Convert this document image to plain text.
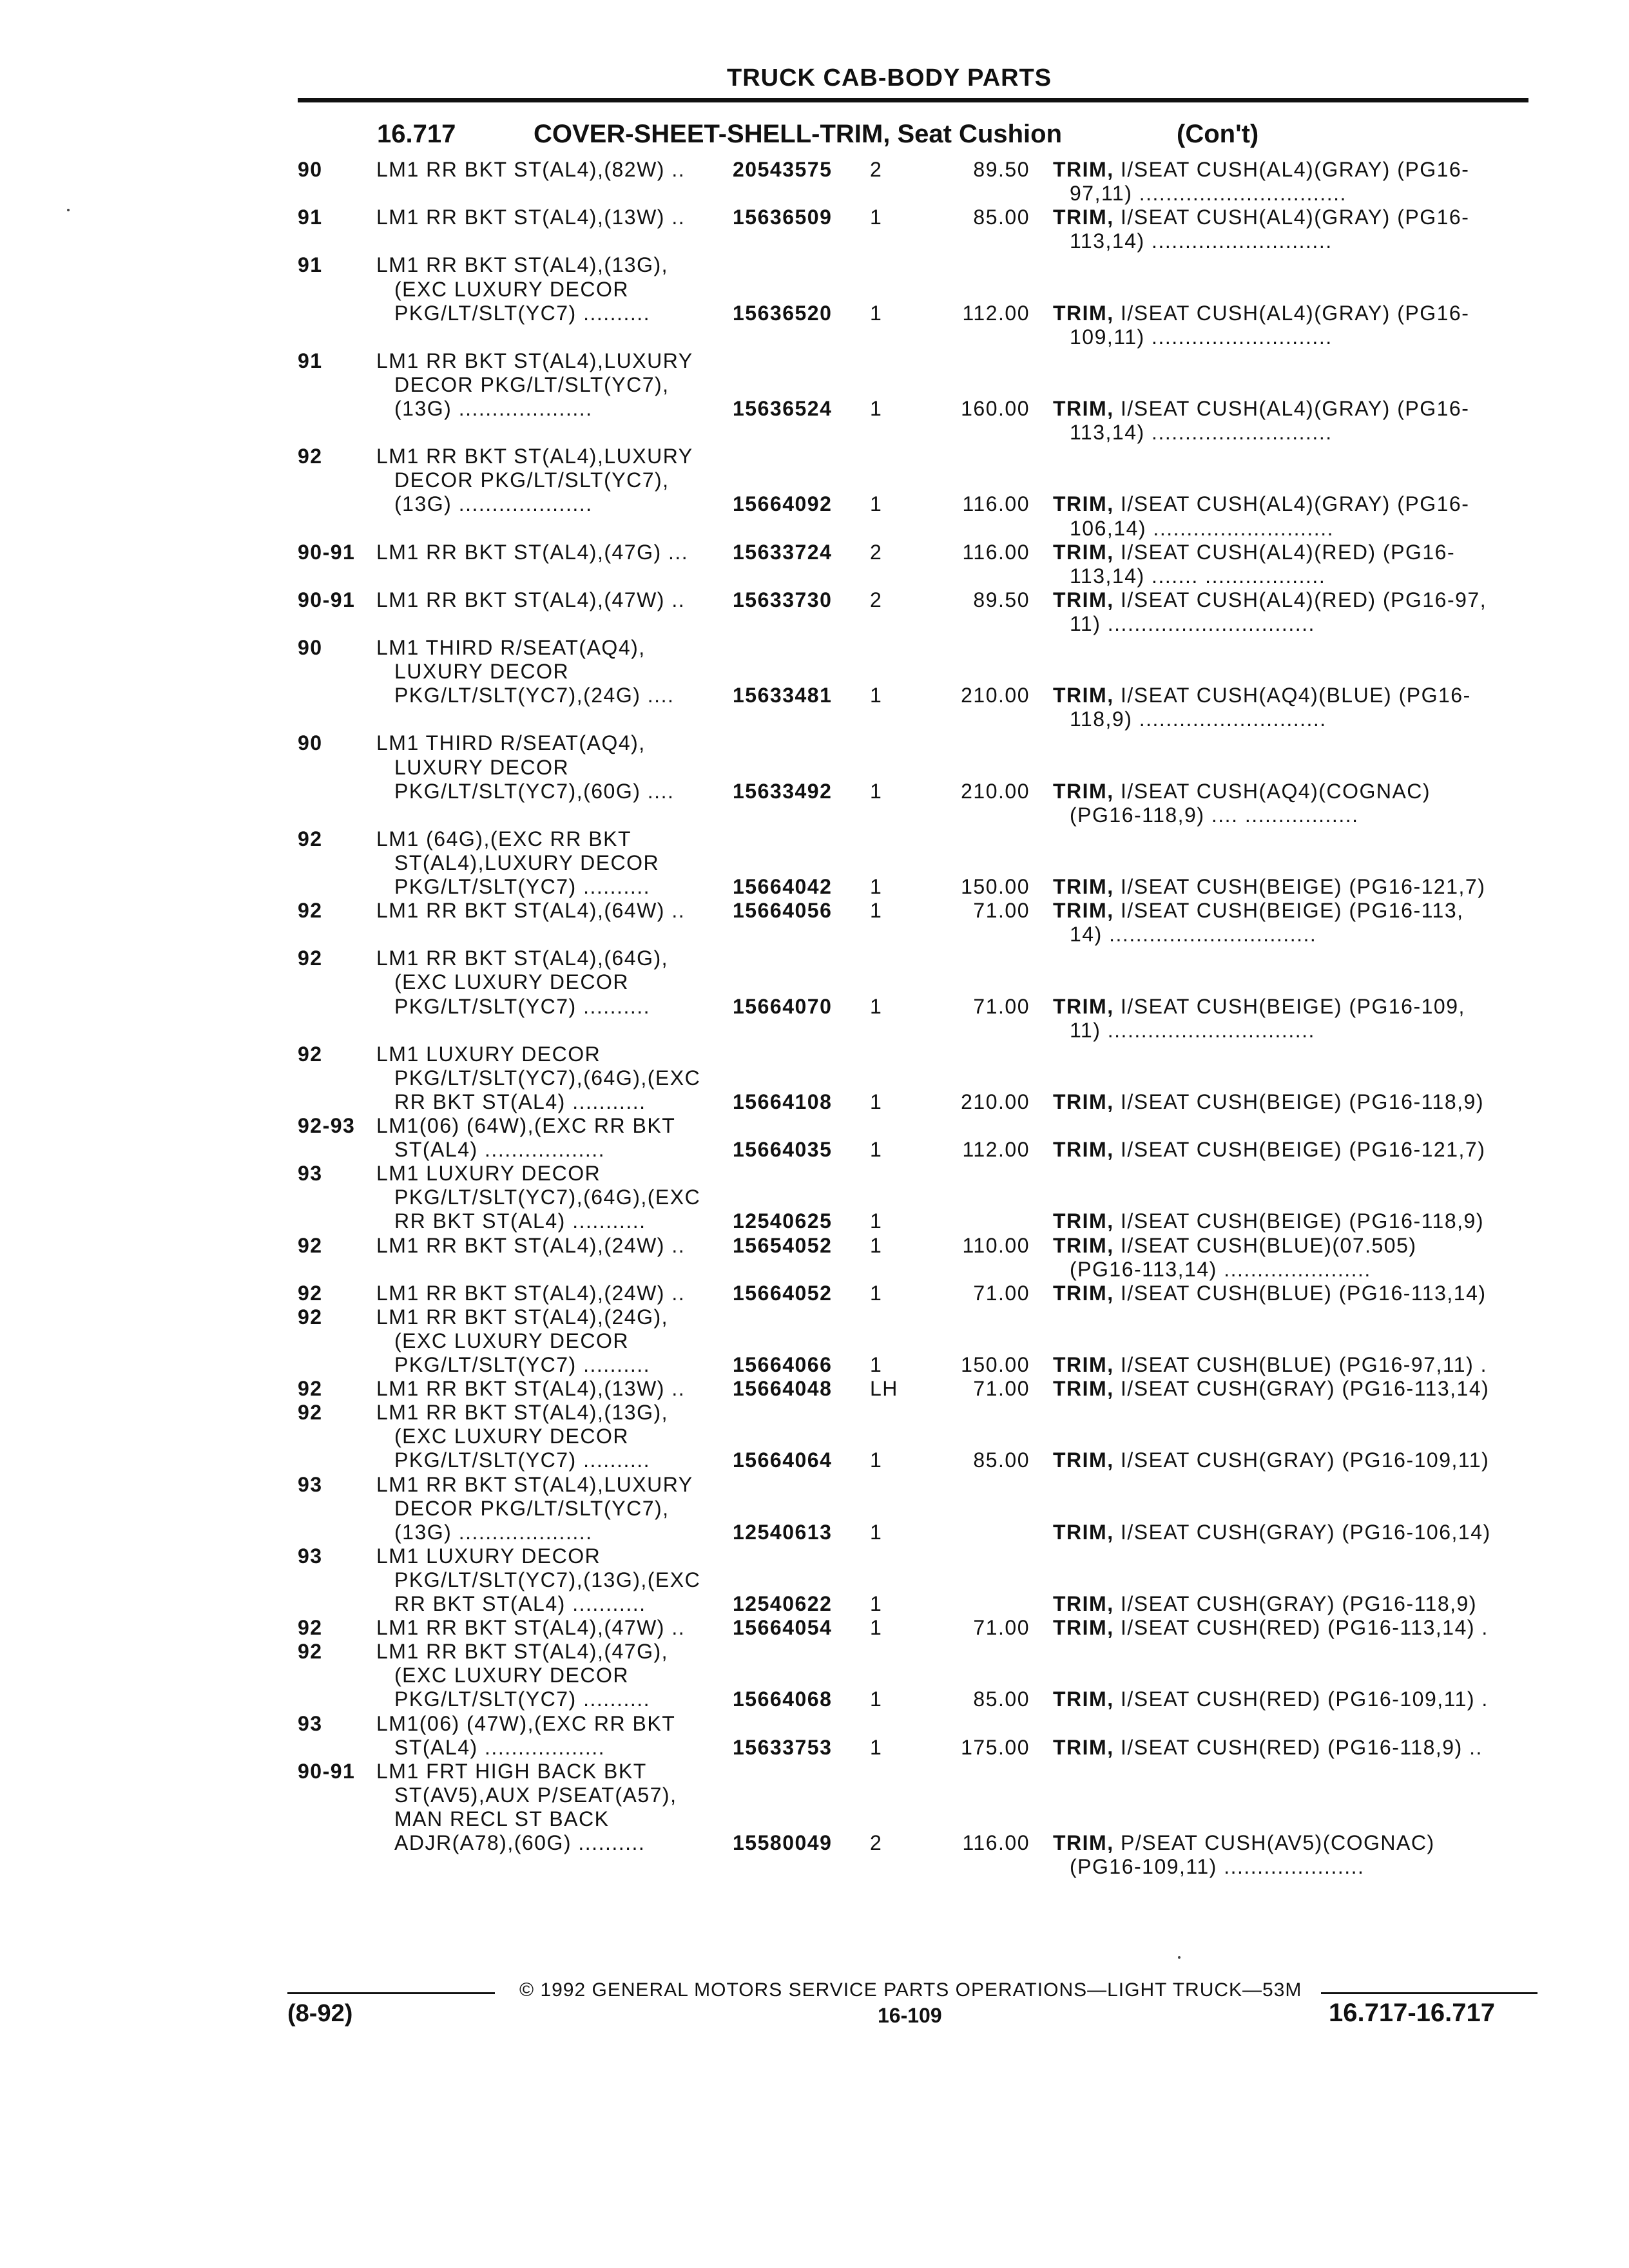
TRUCK CAB-BODY PARTS
16.717	COVER-SHEET-SHELL-TRIM, Seat Cushion	(Con't)
90	LM1 RR BKT ST(AL4),(82W) .. 20543575 2	89.50 TRIM, I/SEAT CUSH(AL4)(GRAY) (PG16-
97,11) ...............................
91	LM1 RR BKT ST(AL4),(13W) .. 15636509 1	85.00 TRIM, I/SEAT CUSH(AL4)(GRAY) (PG16-
113,14) ...........................
91	LM1 RR BKT ST(AL4),(13G),
(EXC LUXURY DECOR
PKG/LT/SLT(YC7) ..........	15636520 1	112.00 TRIM, I/SEAT CUSH(AL4)(GRAY) (PG16-
109,11) ...........................
91	LM1 RR BKT ST(AL4),LUXURY
DECOR PKG/LT/SLT(YC7),
(13G) ....................	15636524 1	160.00 TRIM, I/SEAT CUSH(AL4)(GRAY) (PG16-
113,14) ...........................
92	LM1 RR BKT ST(AL4),LUXURY
DECOR PKG/LT/SLT(YC7),
(13G) ....................	15664092 1	116.00 TRIM, I/SEAT CUSH(AL4)(GRAY) (PG16-
106,14) ...........................
90-91 LM1 RR BKT ST(AL4),(47G) ... 15633724 2	116.00 TRIM, I/SEAT CUSH(AL4)(RED) (PG16-
113,14) ....... ..................
90-91 LM1 RR BKT ST(AL4),(47W) .. 15633730 2	89.50 TRIM, I/SEAT CUSH(AL4)(RED) (PG16-97,
11) ...............................
90	LM1 THIRD R/SEAT(AQ4),
LUXURY DECOR
PKG/LT/SLT(YC7),(24G) ....	15633481 1	210.00 TRIM, I/SEAT CUSH(AQ4)(BLUE) (PG16-
118,9) ............................
90	LM1 THIRD R/SEAT(AQ4),
LUXURY DECOR
PKG/LT/SLT(YC7),(60G) ....	15633492 1	210.00 TRIM, I/SEAT CUSH(AQ4)(COGNAC)
(PG16-118,9) .... .................
92	LM1 (64G),(EXC RR BKT
ST(AL4),LUXURY DECOR
PKG/LT/SLT(YC7) ..........	15664042 1	150.00 TRIM, I/SEAT CUSH(BEIGE) (PG16-121,7)
92	LM1 RR BKT ST(AL4),(64W) .. 15664056 1	71.00 TRIM, I/SEAT CUSH(BEIGE) (PG16-113,
14) ...............................
92	LM1 RR BKT ST(AL4),(64G),
(EXC LUXURY DECOR
PKG/LT/SLT(YC7) ..........	15664070 1	71.00 TRIM, I/SEAT CUSH(BEIGE) (PG16-109,
11) ...............................
92	LM1 LUXURY DECOR
PKG/LT/SLT(YC7),(64G),(EXC
RR BKT ST(AL4) ...........	15664108 1	210.00 TRIM, I/SEAT CUSH(BEIGE) (PG16-118,9)
92-93 LM1(06) (64W),(EXC RR BKT
ST(AL4) ..................	15664035 1	112.00 TRIM, I/SEAT CUSH(BEIGE) (PG16-121,7)
93	LM1 LUXURY DECOR
PKG/LT/SLT(YC7),(64G),(EXC
RR BKT ST(AL4) ...........	12540625 1	TRIM, I/SEAT CUSH(BEIGE) (PG16-118,9)
92	LM1 RR BKT ST(AL4),(24W) .. 15654052 1	110.00 TRIM, I/SEAT CUSH(BLUE)(07.505)
(PG16-113,14) ......................
92	LM1 RR BKT ST(AL4),(24W) .. 15664052 1	71.00 TRIM, I/SEAT CUSH(BLUE) (PG16-113,14)
92	LM1 RR BKT ST(AL4),(24G),
(EXC LUXURY DECOR
PKG/LT/SLT(YC7) ..........	15664066 1	150.00 TRIM, I/SEAT CUSH(BLUE) (PG16-97,11) .
92	LM1 RR BKT ST(AL4),(13W) .. 15664048 LH	71.00 TRIM, I/SEAT CUSH(GRAY) (PG16-113,14)
92	LM1 RR BKT ST(AL4),(13G),
(EXC LUXURY DECOR
PKG/LT/SLT(YC7) ..........	15664064 1	85.00 TRIM, I/SEAT CUSH(GRAY) (PG16-109,11)
93	LM1 RR BKT ST(AL4),LUXURY
DECOR PKG/LT/SLT(YC7),
(13G) ....................	12540613 1	TRIM, I/SEAT CUSH(GRAY) (PG16-106,14)
93	LM1 LUXURY DECOR
PKG/LT/SLT(YC7),(13G),(EXC
RR BKT ST(AL4) ...........	12540622 1	TRIM, I/SEAT CUSH(GRAY) (PG16-118,9)
92	LM1 RR BKT ST(AL4),(47W) .. 15664054 1	71.00 TRIM, I/SEAT CUSH(RED) (PG16-113,14) .
92	LM1 RR BKT ST(AL4),(47G),
(EXC LUXURY DECOR
PKG/LT/SLT(YC7) ..........	15664068 1	85.00 TRIM, I/SEAT CUSH(RED) (PG16-109,11) .
93	LM1(06) (47W),(EXC RR BKT
ST(AL4) ..................	15633753 1	175.00 TRIM, I/SEAT CUSH(RED) (PG16-118,9) ..
90-91 LM1 FRT HIGH BACK BKT
ST(AV5),AUX P/SEAT(A57),
MAN RECL ST BACK
ADJR(A78),(60G) ..........	15580049 2	116.00 TRIM, P/SEAT CUSH(AV5)(COGNAC)
(PG16-109,11) .....................
© 1992 GENERAL MOTORS SERVICE PARTS OPERATIONS—LIGHT TRUCK—53M
(8-92)	16-109	16.717-16.717
